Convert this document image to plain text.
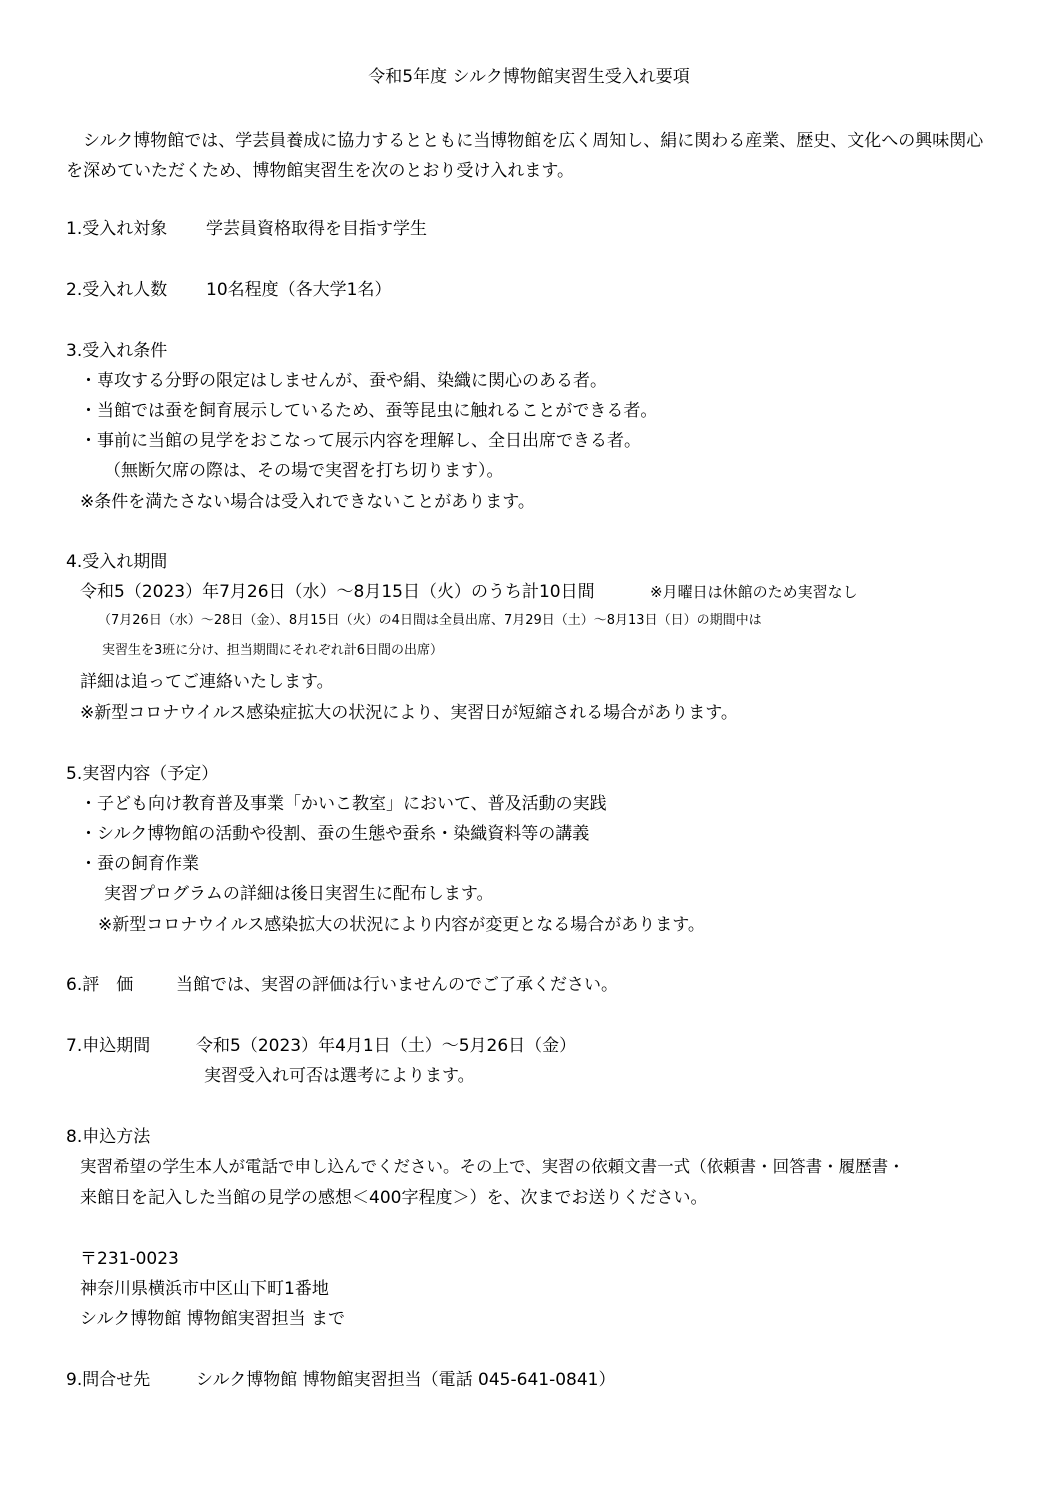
令和5年度 シルク博物館実習生受入れ要項
　シルク博物館では、学芸員養成に協力するとともに当博物館を広く周知し、絹に関わる産業、歴史、文化への興味関心を深めていただくため、博物館実習生を次のとおり受け入れます。
1.受入れ対象 学芸員資格取得を目指す学生
2.受入れ人数 10名程度（各大学1名）
3.受入れ条件
・専攻する分野の限定はしませんが、蚕や絹、染織に関心のある者。
・当館では蚕を飼育展示しているため、蚕等昆虫に触れることができる者。
・事前に当館の見学をおこなって展示内容を理解し、全日出席できる者。
（無断欠席の際は、その場で実習を打ち切ります）。
※条件を満たさない場合は受入れできないことがあります。
4.受入れ期間
令和5（2023）年7月26日（水）～8月15日（火）のうち計10日間	※月曜日は休館のため実習なし
（7月26日（水）～28日（金）、8月15日（火）の4日間は全員出席、7月29日（土）～8月13日（日）の期間中は
実習生を3班に分け、担当期間にそれぞれ計6日間の出席）
詳細は追ってご連絡いたします。
※新型コロナウイルス感染症拡大の状況により、実習日が短縮される場合があります。
5.実習内容（予定）
・子ども向け教育普及事業「かいこ教室」において、普及活動の実践
・シルク博物館の活動や役割、蚕の生態や蚕糸・染織資料等の講義
・蚕の飼育作業
実習プログラムの詳細は後日実習生に配布します。
※新型コロナウイルス感染拡大の状況により内容が変更となる場合があります。
6.評　価	当館では、実習の評価は行いませんのでご了承ください。
7.申込期間	令和5（2023）年4月1日（土）～5月26日（金）
実習受入れ可否は選考によります。
8.申込方法
実習希望の学生本人が電話で申し込んでください。その上で、実習の依頼文書一式（依頼書・回答書・履歴書・
来館日を記入した当館の見学の感想＜400字程度＞）を、次までお送りください。
〒231-0023
神奈川県横浜市中区山下町1番地
シルク博物館 博物館実習担当 まで
9.問合せ先	シルク博物館 博物館実習担当（電話 045-641-0841）
